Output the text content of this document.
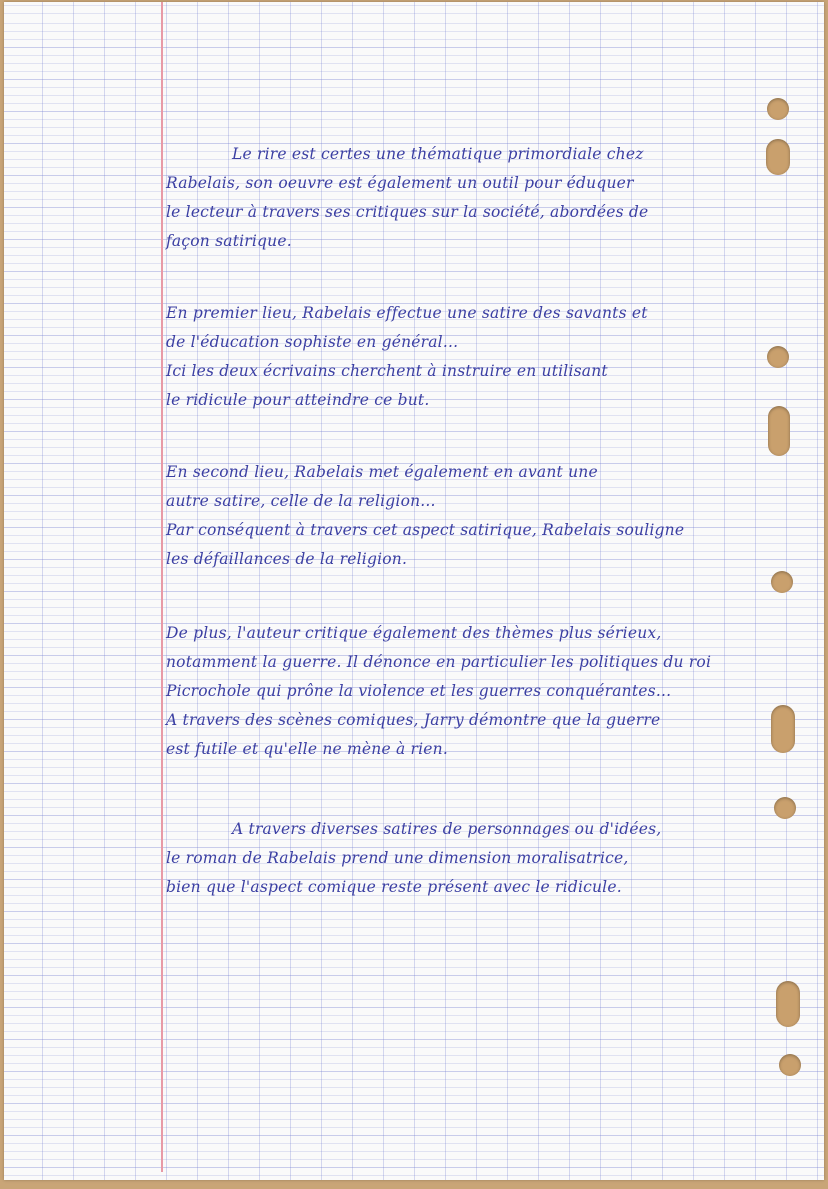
Le rire est certes une thématique primordiale chez
Rabelais, son oeuvre est également un outil pour éduquer
le lecteur à travers ses critiques sur la société, abordées de
façon satirique.

En premier lieu, Rabelais effectue une satire des savants et
de l'éducation sophiste en général...
Ici les deux écrivains cherchent à instruire en utilisant
le ridicule pour atteindre ce but.

En second lieu, Rabelais met également en avant une
autre satire, celle de la religion...
Par conséquent à travers cet aspect satirique, Rabelais souligne
les défaillances de la religion.

De plus, l'auteur critique également des thèmes plus sérieux,
notamment la guerre. Il dénonce en particulier les politiques du roi
Picrochole qui prône la violence et les guerres conquérantes...
A travers des scènes comiques, Jarry démontre que la guerre
est futile et qu'elle ne mène à rien.

A travers diverses satires de personnages ou d'idées,
le roman de Rabelais prend une dimension moralisatrice,
bien que l'aspect comique reste présent avec le ridicule.
